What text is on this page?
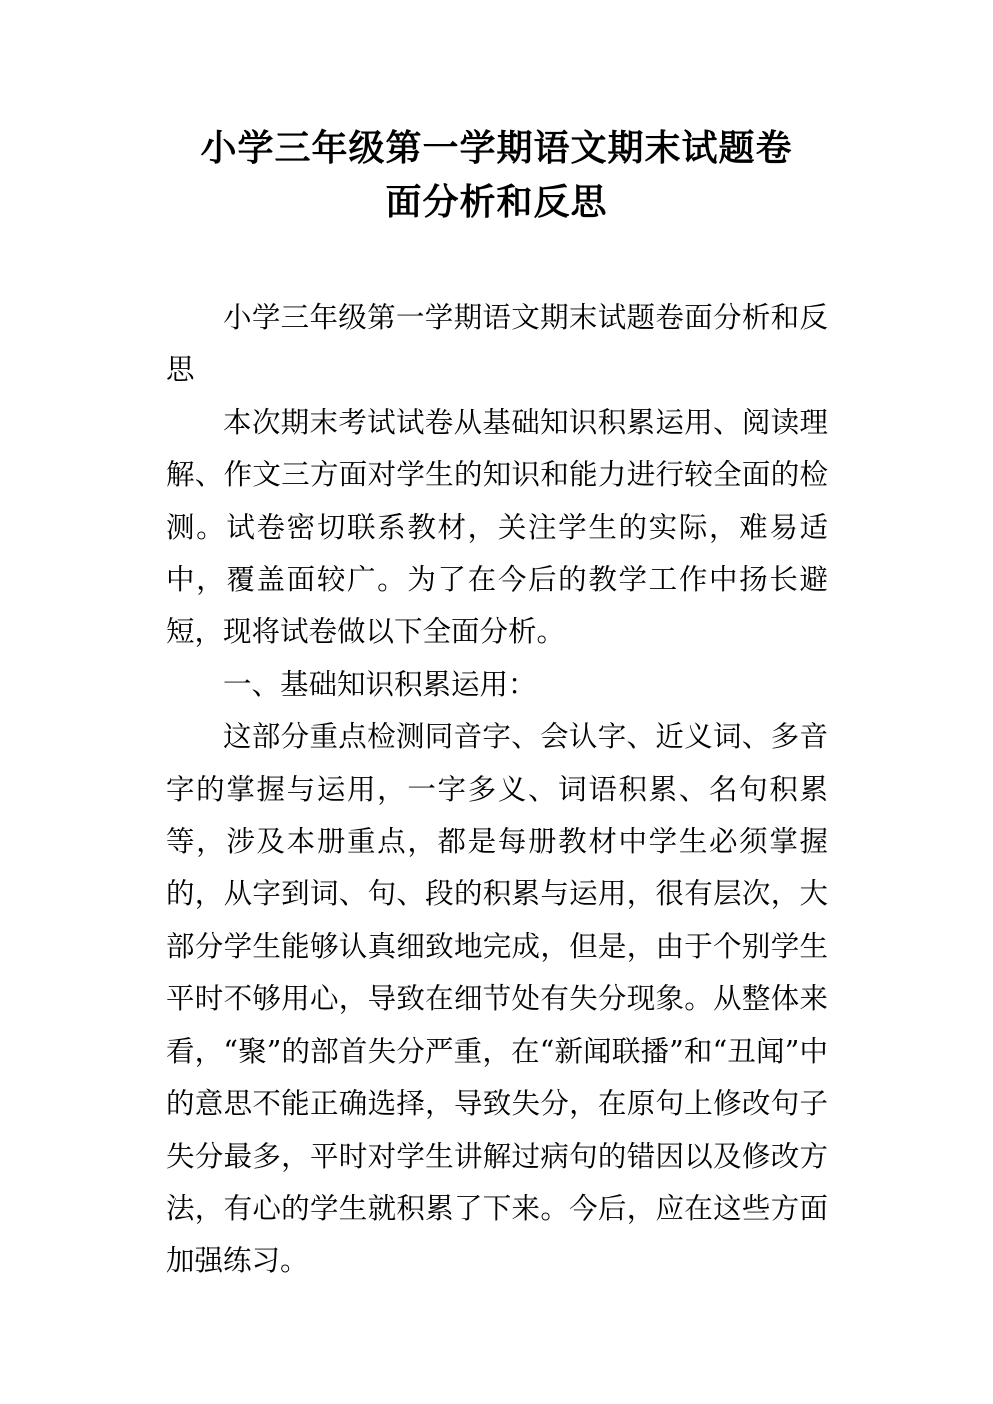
小学三年级第一学期语文期末试题卷
面分析和反思

小学三年级第一学期语文期末试题卷面分析和反思

本次期末考试试卷从基础知识积累运用、阅读理解、作文三方面对学生的知识和能力进行较全面的检测。试卷密切联系教材，关注学生的实际，难易适中，覆盖面较广。为了在今后的教学工作中扬长避短，现将试卷做以下全面分析。

一、基础知识积累运用：

这部分重点检测同音字、会认字、近义词、多音字的掌握与运用，一字多义、词语积累、名句积累等，涉及本册重点，都是每册教材中学生必须掌握的，从字到词、句、段的积累与运用，很有层次，大部分学生能够认真细致地完成，但是，由于个别学生平时不够用心，导致在细节处有失分现象。从整体来看，“聚”的部首失分严重，在“新闻联播”和“丑闻”中的意思不能正确选择，导致失分，在原句上修改句子失分最多，平时对学生讲解过病句的错因以及修改方法，有心的学生就积累了下来。今后，应在这些方面加强练习。
